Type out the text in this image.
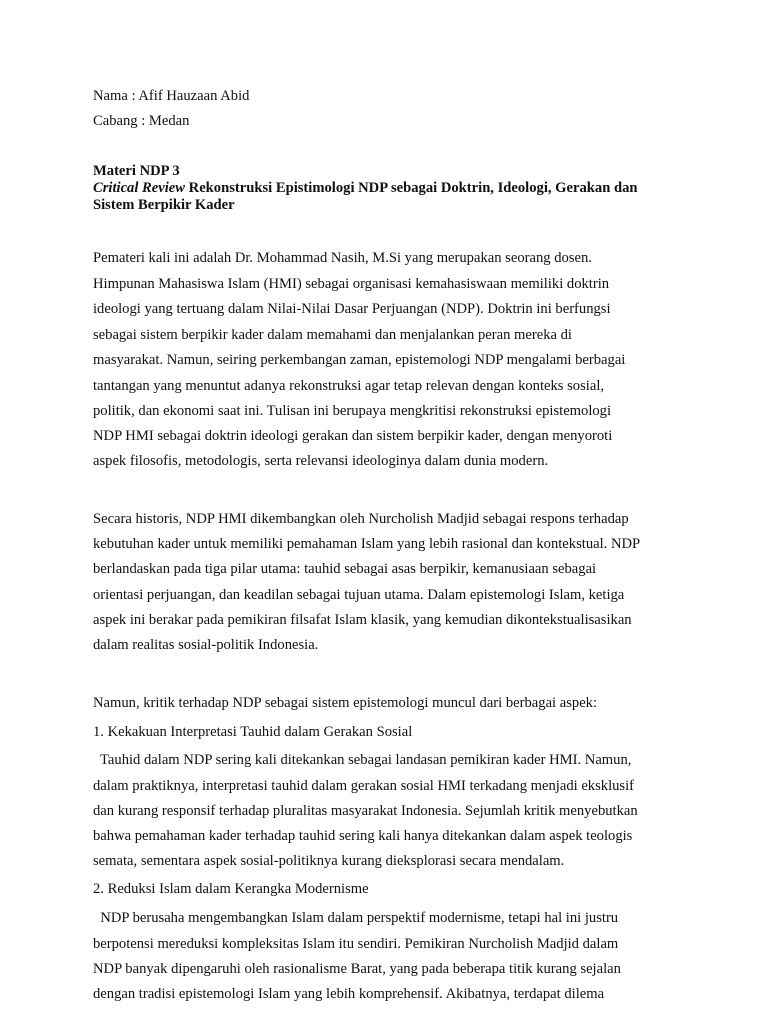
Nama : Afif Hauzaan Abid
Cabang : Medan
Materi NDP 3
Critical Review Rekonstruksi Epistimologi NDP sebagai Doktrin, Ideologi, Gerakan dan
Sistem Berpikir Kader
Pemateri kali ini adalah Dr. Mohammad Nasih, M.Si yang merupakan seorang dosen.
Himpunan Mahasiswa Islam (HMI) sebagai organisasi kemahasiswaan memiliki doktrin
ideologi yang tertuang dalam Nilai-Nilai Dasar Perjuangan (NDP). Doktrin ini berfungsi
sebagai sistem berpikir kader dalam memahami dan menjalankan peran mereka di
masyarakat. Namun, seiring perkembangan zaman, epistemologi NDP mengalami berbagai
tantangan yang menuntut adanya rekonstruksi agar tetap relevan dengan konteks sosial,
politik, dan ekonomi saat ini. Tulisan ini berupaya mengkritisi rekonstruksi epistemologi
NDP HMI sebagai doktrin ideologi gerakan dan sistem berpikir kader, dengan menyoroti
aspek filosofis, metodologis, serta relevansi ideologinya dalam dunia modern.
Secara historis, NDP HMI dikembangkan oleh Nurcholish Madjid sebagai respons terhadap
kebutuhan kader untuk memiliki pemahaman Islam yang lebih rasional dan kontekstual. NDP
berlandaskan pada tiga pilar utama: tauhid sebagai asas berpikir, kemanusiaan sebagai
orientasi perjuangan, dan keadilan sebagai tujuan utama. Dalam epistemologi Islam, ketiga
aspek ini berakar pada pemikiran filsafat Islam klasik, yang kemudian dikontekstualisasikan
dalam realitas sosial-politik Indonesia.
Namun, kritik terhadap NDP sebagai sistem epistemologi muncul dari berbagai aspek:
1. Kekakuan Interpretasi Tauhid dalam Gerakan Sosial
Tauhid dalam NDP sering kali ditekankan sebagai landasan pemikiran kader HMI. Namun,
dalam praktiknya, interpretasi tauhid dalam gerakan sosial HMI terkadang menjadi eksklusif
dan kurang responsif terhadap pluralitas masyarakat Indonesia. Sejumlah kritik menyebutkan
bahwa pemahaman kader terhadap tauhid sering kali hanya ditekankan dalam aspek teologis
semata, sementara aspek sosial-politiknya kurang dieksplorasi secara mendalam.
2. Reduksi Islam dalam Kerangka Modernisme
NDP berusaha mengembangkan Islam dalam perspektif modernisme, tetapi hal ini justru
berpotensi mereduksi kompleksitas Islam itu sendiri. Pemikiran Nurcholish Madjid dalam
NDP banyak dipengaruhi oleh rasionalisme Barat, yang pada beberapa titik kurang sejalan
dengan tradisi epistemologi Islam yang lebih komprehensif. Akibatnya, terdapat dilema
